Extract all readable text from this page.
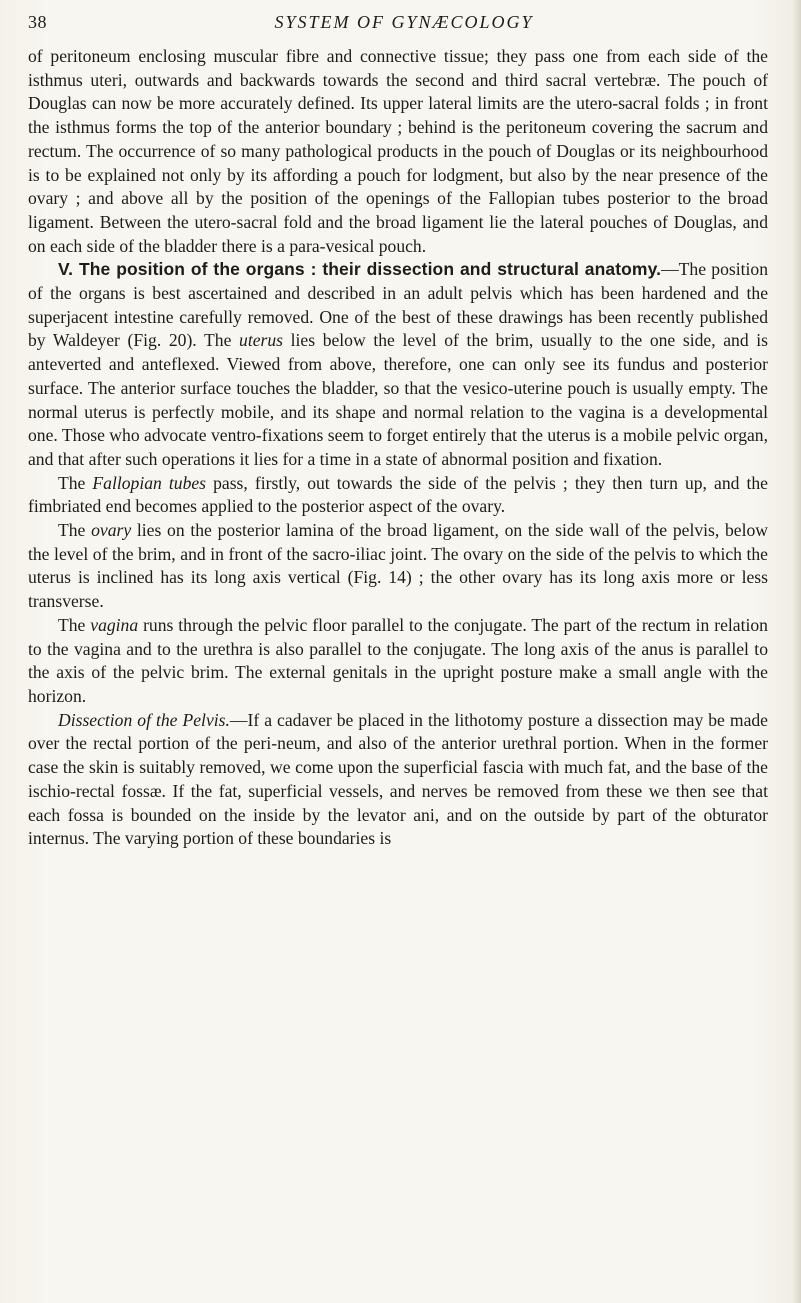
38	SYSTEM OF GYNÆCOLOGY

of peritoneum enclosing muscular fibre and connective tissue; they pass one from each side of the isthmus uteri, outwards and backwards towards the second and third sacral vertebræ. The pouch of Douglas can now be more accurately defined. Its upper lateral limits are the utero-sacral folds ; in front the isthmus forms the top of the anterior boundary ; behind is the peritoneum covering the sacrum and rectum. The occurrence of so many pathological products in the pouch of Douglas or its neighbourhood is to be explained not only by its affording a pouch for lodgment, but also by the near presence of the ovary ; and above all by the position of the openings of the Fallopian tubes posterior to the broad ligament. Between the utero-sacral fold and the broad ligament lie the lateral pouches of Douglas, and on each side of the bladder there is a para-vesical pouch.

V. The position of the organs : their dissection and structural anatomy.—The position of the organs is best ascertained and described in an adult pelvis which has been hardened and the superjacent intestine carefully removed. One of the best of these drawings has been recently published by Waldeyer (Fig. 20). The uterus lies below the level of the brim, usually to the one side, and is anteverted and anteflexed. Viewed from above, therefore, one can only see its fundus and posterior surface. The anterior surface touches the bladder, so that the vesico-uterine pouch is usually empty. The normal uterus is perfectly mobile, and its shape and normal relation to the vagina is a developmental one. Those who advocate ventro-fixations seem to forget entirely that the uterus is a mobile pelvic organ, and that after such operations it lies for a time in a state of abnormal position and fixation.

The Fallopian tubes pass, firstly, out towards the side of the pelvis ; they then turn up, and the fimbriated end becomes applied to the posterior aspect of the ovary.

The ovary lies on the posterior lamina of the broad ligament, on the side wall of the pelvis, below the level of the brim, and in front of the sacro-iliac joint. The ovary on the side of the pelvis to which the uterus is inclined has its long axis vertical (Fig. 14) ; the other ovary has its long axis more or less transverse.

The vagina runs through the pelvic floor parallel to the conjugate. The part of the rectum in relation to the vagina and to the urethra is also parallel to the conjugate. The long axis of the anus is parallel to the axis of the pelvic brim. The external genitals in the upright posture make a small angle with the horizon.

Dissection of the Pelvis.—If a cadaver be placed in the lithotomy posture a dissection may be made over the rectal portion of the peri-neum, and also of the anterior urethral portion. When in the former case the skin is suitably removed, we come upon the superficial fascia with much fat, and the base of the ischio-rectal fossæ. If the fat, superficial vessels, and nerves be removed from these we then see that each fossa is bounded on the inside by the levator ani, and on the outside by part of the obturator internus. The varying portion of these boundaries is
